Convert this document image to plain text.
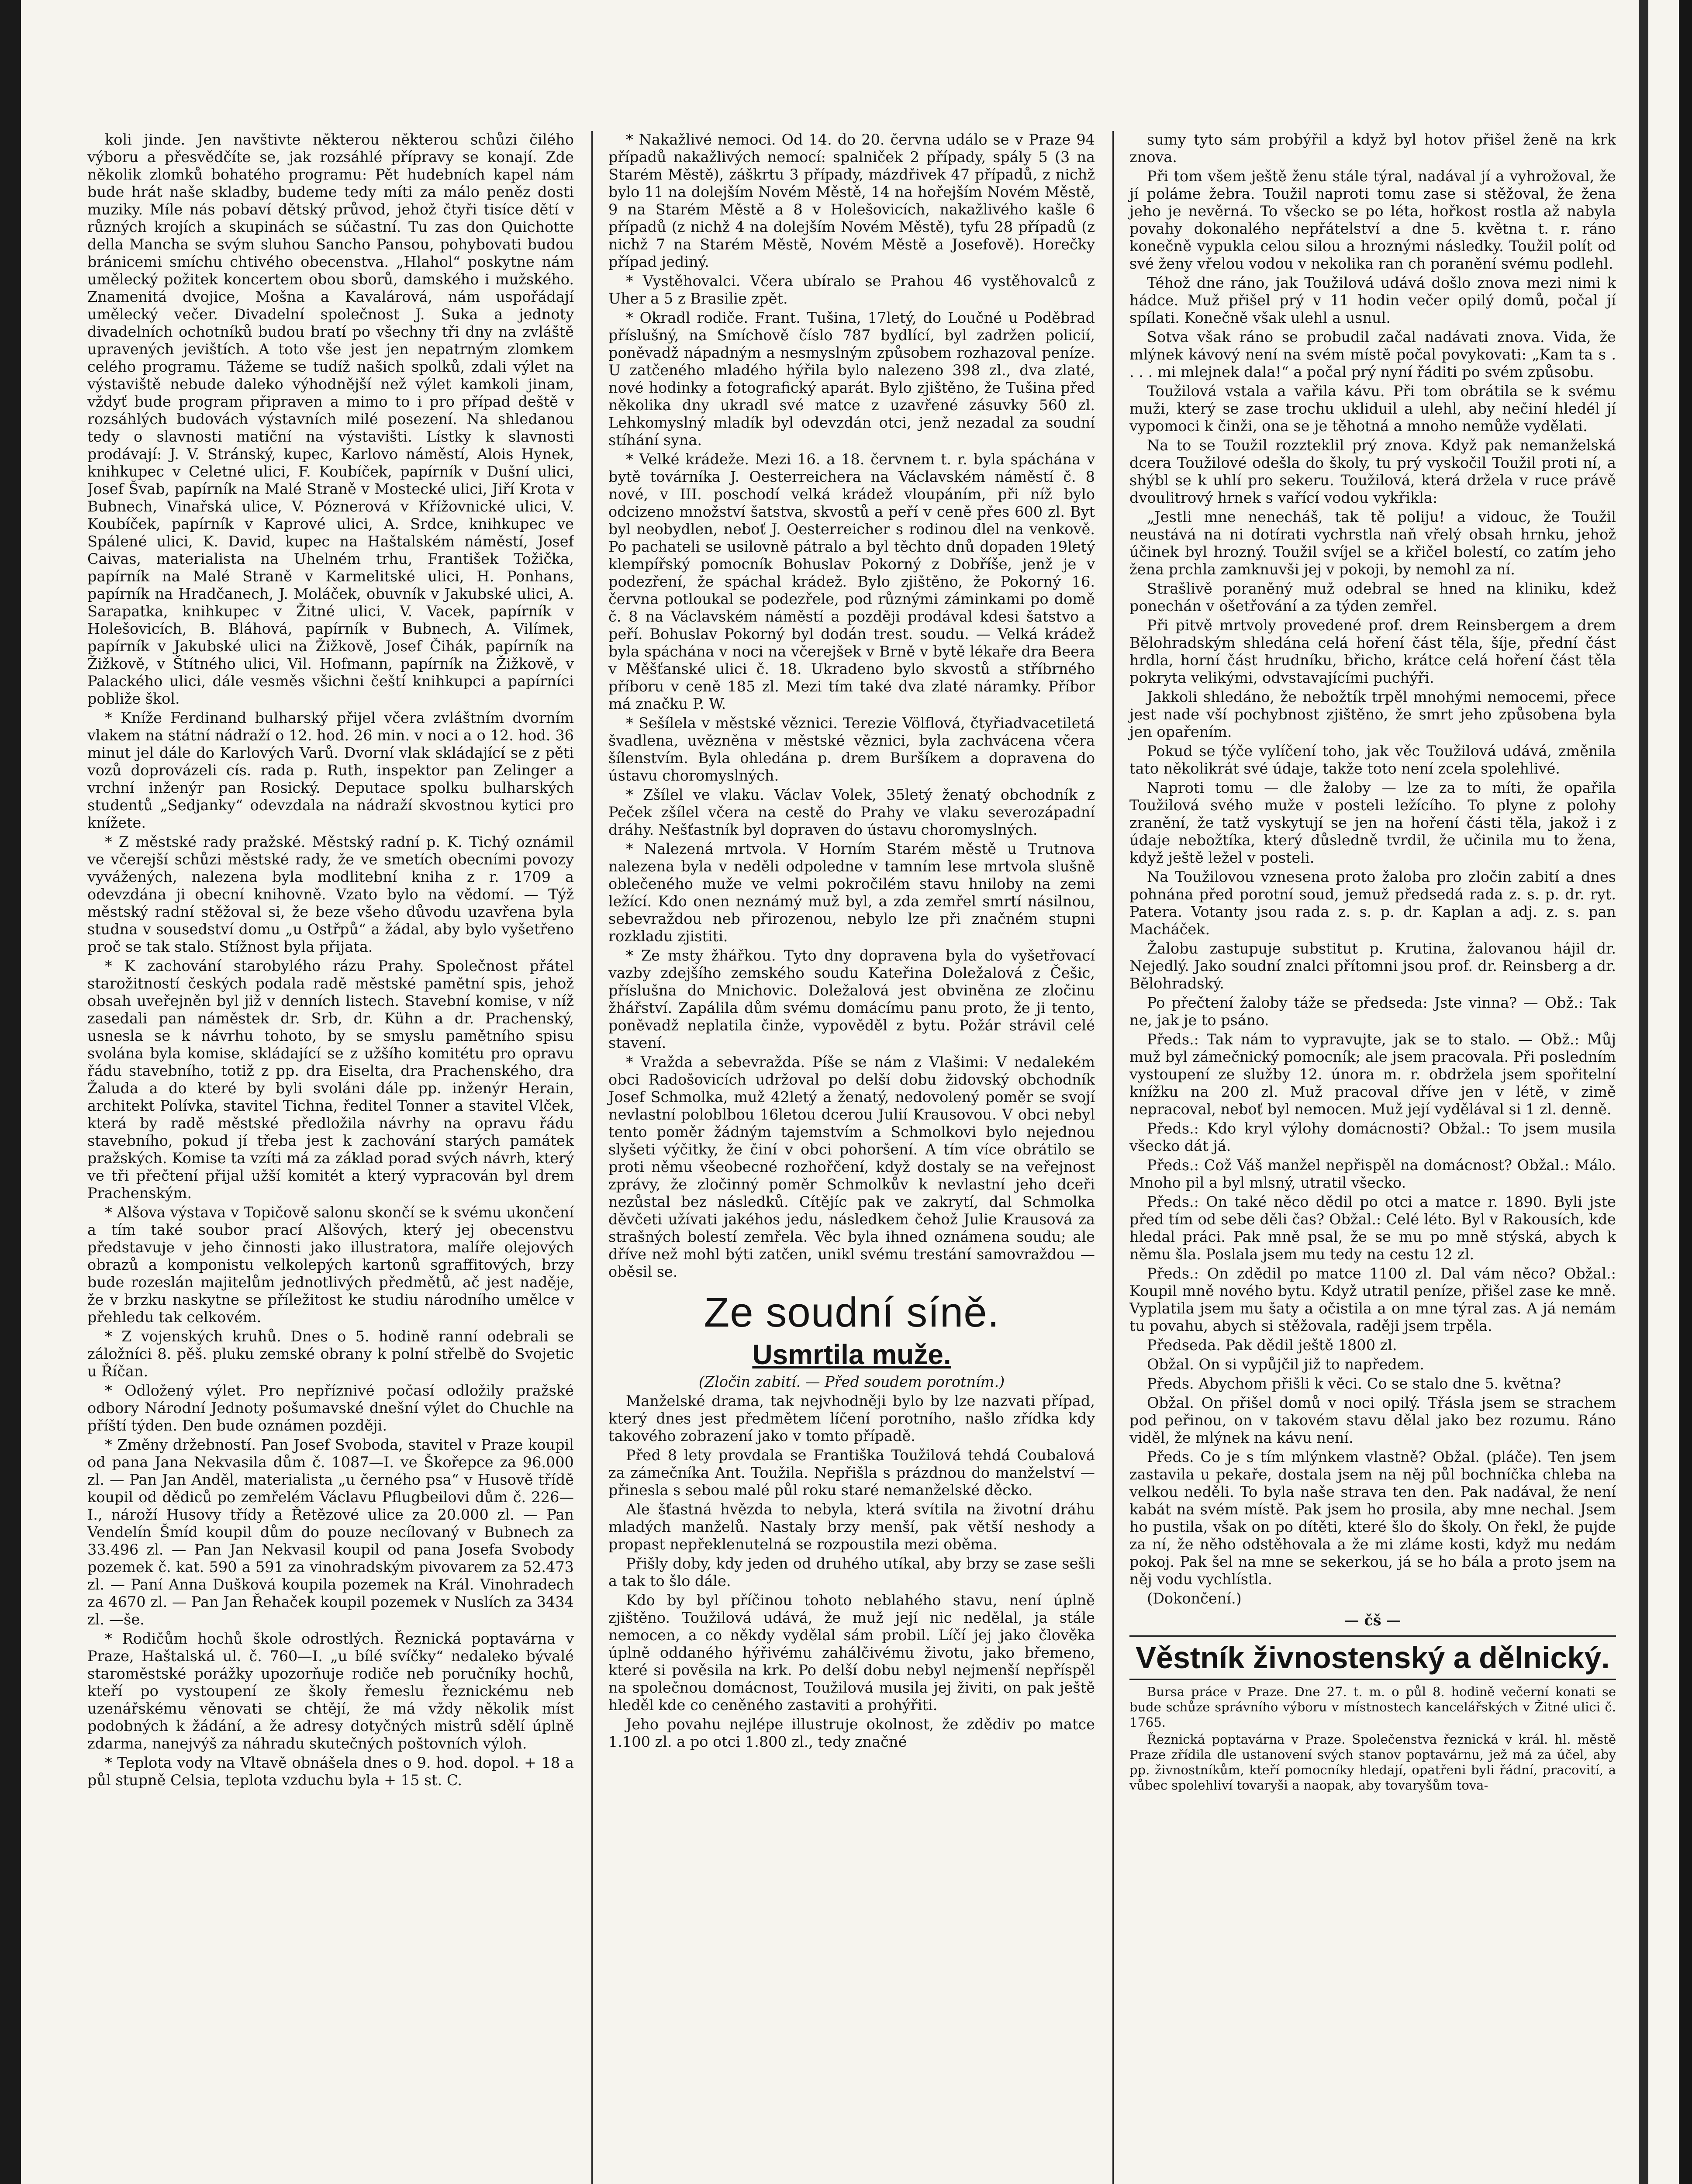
koli jinde. Jen navštivte některou některou schůzi čilého výboru a přesvědčíte se, jak rozsáhlé přípravy se konají. Zde několik zlomků bohatého programu: Pět hudebních kapel nám bude hrát naše skladby, budeme tedy míti za málo peněz dosti muziky. Míle nás pobaví dětský průvod, jehož čtyři tisíce dětí v různých krojích a skupinách se súčastní. Tu zas don Quichotte della Mancha se svým sluhou Sancho Pansou, pohybovati budou bránicemi smíchu chtivého obecenstva. „Hlahol“ poskytne nám umělecký požitek koncertem obou sborů, damského i mužského. Znamenitá dvojice, Mošna a Kavalárová, nám uspořádají umělecký večer. Divadelní společnost J. Suka a jednoty divadelních ochotníků budou bratí po všechny tři dny na zvláště upravených jevištích. A toto vše jest jen nepatrným zlomkem celého programu. Tážeme se tudíž našich spolků, zdali výlet na výstaviště nebude daleko výhodnější než výlet kamkoli jinam, vždyť bude program připraven a mimo to i pro případ deště v rozsáhlých budovách výstavních milé posezení. Na shledanou tedy o slavnosti matiční na výstavišti. Lístky k slavnosti prodávají: J. V. Stránský, kupec, Karlovo náměstí, Alois Hynek, knihkupec v Celetné ulici, F. Koubíček, papírník v Dušní ulici, Josef Švab, papírník na Malé Straně v Mostecké ulici, Jiří Krota v Bubnech, Vinařská ulice, V. Póznerová v Křížovnické ulici, V. Koubíček, papírník v Kaprové ulici, A. Srdce, knihkupec ve Spálené ulici, K. David, kupec na Haštalském náměstí, Josef Caivas, materialista na Uhelném trhu, František Tožička, papírník na Malé Straně v Karmelitské ulici, H. Ponhans, papírník na Hradčanech, J. Moláček, obuvník v Jakubské ulici, A. Sarapatka, knihkupec v Žitné ulici, V. Vacek, papírník v Holešovicích, B. Bláhová, papírník v Bubnech, A. Vilímek, papírník v Jakubské ulici na Žižkově, Josef Čihák, papírník na Žižkově, v Štítného ulici, Vil. Hofmann, papírník na Žižkově, v Palackého ulici, dále vesměs všichni čeští knihkupci a papírníci pobliže škol.

* Kníže Ferdinand bulharský přijel včera zvláštním dvorním vlakem na státní nádraží o 12. hod. 26 min. v noci a o 12. hod. 36 minut jel dále do Karlových Varů. Dvorní vlak skládající se z pěti vozů doprovázeli cís. rada p. Ruth, inspektor pan Zelinger a vrchní inženýr pan Rosický. Deputace spolku bulharských studentů „Sedjanky“ odevzdala na nádraží skvostnou kytici pro knížete.

* Z městské rady pražské. Městský radní p. K. Tichý oznámil ve včerejší schůzi městské rady, že ve smetích obecními povozy vyvážených, nalezena byla modlitební kniha z r. 1709 a odevzdána ji obecní knihovně. Vzato bylo na vědomí. — Týž městský radní stěžoval si, že beze všeho důvodu uzavřena byla studna v sousedství domu „u Ostřpů“ a žádal, aby bylo vyšetřeno proč se tak stalo. Stížnost byla přijata.

* K zachování starobylého rázu Prahy. Společnost přátel starožitností českých podala radě městské pamětní spis, jehož obsah uveřejněn byl již v denních listech. Stavební komise, v níž zasedali pan náměstek dr. Srb, dr. Kühn a dr. Prachenský, usnesla se k návrhu tohoto, by se smyslu pamětního spisu svolána byla komise, skládající se z užšího komitétu pro opravu řádu stavebního, totiž z pp. dra Eiselta, dra Prachenského, dra Žaluda a do které by byli svoláni dále pp. inženýr Herain, architekt Polívka, stavitel Tichna, ředitel Tonner a stavitel Vlček, která by radě městské předložila návrhy na opravu řádu stavebního, pokud jí třeba jest k zachování starých památek pražských. Komise ta vzíti má za základ porad svých návrh, který ve tři přečtení přijal užší komitét a který vypracován byl drem Prachenským.

* Alšova výstava v Topičově salonu skončí se k svému ukončení a tím také soubor prací Alšových, který jej obecenstvu představuje v jeho činnosti jako illustratora, malíře olejových obrazů a komponistu velkolepých kartonů sgraffitových, brzy bude rozeslán majitelům jednotlivých předmětů, ač jest naděje, že v brzku naskytne se příležitost ke studiu národního umělce v přehledu tak celkovém.

* Z vojenských kruhů. Dnes o 5. hodině ranní odebrali se záložníci 8. pěš. pluku zemské obrany k polní střelbě do Svojetic u Říčan.

* Odložený výlet. Pro nepříznivé počasí odložily pražské odbory Národní Jednoty pošumavské dnešní výlet do Chuchle na příští týden. Den bude oznámen později.

* Změny držebností. Pan Josef Svoboda, stavitel v Praze koupil od pana Jana Nekvasila dům č. 1087—I. ve Škořepce za 96.000 zl. — Pan Jan Anděl, materialista „u černého psa“ v Husově třídě koupil od dědiců po zemřelém Václavu Pflugbeilovi dům č. 226—I., nároží Husovy třídy a Řetězové ulice za 20.000 zl. — Pan Vendelín Šmíd koupil dům do pouze necílovaný v Bubnech za 33.496 zl. — Pan Jan Nekvasil koupil od pana Josefa Svobody pozemek č. kat. 590 a 591 za vinohradským pivovarem za 52.473 zl. — Paní Anna Dušková koupila pozemek na Král. Vinohradech za 4670 zl. — Pan Jan Řehaček koupil pozemek v Nuslích za 3434 zl. —še.

* Rodičům hochů škole odrostlých. Řeznická poptavárna v Praze, Haštalská ul. č. 760—I. „u bílé svíčky“ nedaleko bývalé staroměstské porážky upozorňuje rodiče neb poručníky hochů, kteří po vystoupení ze školy řemeslu řeznickému neb uzenářskému věnovati se chtějí, že má vždy několik míst podobných k žádání, a že adresy dotyčných mistrů sdělí úplně zdarma, nanejvýš za náhradu skutečných poštovních výloh.

* Teplota vody na Vltavě obnášela dnes o 9. hod. dopol. + 18 a půl stupně Celsia, teplota vzduchu byla + 15 st. C.

* Nakažlivé nemoci. Od 14. do 20. června událo se v Praze 94 případů nakažlivých nemocí: spalniček 2 případy, spály 5 (3 na Starém Městě), záškrtu 3 případy, mázdřivek 47 případů, z nichž bylo 11 na dolejším Novém Městě, 14 na hořejším Novém Městě, 9 na Starém Městě a 8 v Holešovicích, nakažlivého kašle 6 případů (z nichž 4 na dolejším Novém Městě), tyfu 28 případů (z nichž 7 na Starém Městě, Novém Městě a Josefově). Horečky případ jediný.

* Vystěhovalci. Včera ubíralo se Prahou 46 vystěhovalců z Uher a 5 z Brasilie zpět.

* Okradl rodiče. Frant. Tušina, 17letý, do Loučné u Poděbrad příslušný, na Smíchově číslo 787 bydlící, byl zadržen policií, poněvadž nápadným a nesmyslným způsobem rozhazoval peníze. U zatčeného mladého hýřila bylo nalezeno 398 zl., dva zlaté, nové hodinky a fotografický aparát. Bylo zjištěno, že Tušina před několika dny ukradl své matce z uzavřené zásuvky 560 zl. Lehkomyslný mladík byl odevzdán otci, jenž nezadal za soudní stíhání syna.

* Velké krádeže. Mezi 16. a 18. červnem t. r. byla spáchána v bytě továrníka J. Oesterreichera na Václavském náměstí č. 8 nové, v III. poschodí velká krádež vloupáním, při níž bylo odcizeno množství šatstva, skvostů a peří v ceně přes 600 zl. Byt byl neobydlen, neboť J. Oesterreicher s rodinou dlel na venkově. Po pachateli se usilovně pátralo a byl těchto dnů dopaden 19letý klempířský pomocník Bohuslav Pokorný z Dobříše, jenž je v podezření, že spáchal krádež. Bylo zjištěno, že Pokorný 16. června potloukal se podezřele, pod různými záminkami po domě č. 8 na Václavském náměstí a později prodával kdesi šatstvo a peří. Bohuslav Pokorný byl dodán trest. soudu. — Velká krádež byla spáchána v noci na včerejšek v Brně v bytě lékaře dra Beera v Měšťanské ulici č. 18. Ukradeno bylo skvostů a stříbrného příboru v ceně 185 zl. Mezi tím také dva zlaté náramky. Příbor má značku P. W.

* Sešílela v městské věznici. Terezie Völflová, čtyřiadvacetiletá švadlena, uvězněna v městské věznici, byla zachvácena včera šílenstvím. Byla ohledána p. drem Buršíkem a dopravena do ústavu choromyslných.

* Zšílel ve vlaku. Václav Volek, 35letý ženatý obchodník z Peček zšílel včera na cestě do Prahy ve vlaku severozápadní dráhy. Nešťastník byl dopraven do ústavu choromyslných.

* Nalezená mrtvola. V Horním Starém městě u Trutnova nalezena byla v neděli odpoledne v tamním lese mrtvola slušně oblečeného muže ve velmi pokročilém stavu hniloby na zemi ležící. Kdo onen neznámý muž byl, a zda zemřel smrtí násilnou, sebevraždou neb přirozenou, nebylo lze při značném stupni rozkladu zjistiti.

* Ze msty žhářkou. Tyto dny dopravena byla do vyšetřovací vazby zdejšího zemského soudu Kateřina Doležalová z Češic, příslušna do Mnichovic. Doležalová jest obviněna ze zločinu žhářství. Zapálila dům svému domácímu panu proto, že ji tento, poněvadž neplatila činže, vypověděl z bytu. Požár strávil celé stavení.

* Vražda a sebevražda. Píše se nám z Vlašimi: V nedalekém obci Radošovicích udržoval po delší dobu židovský obchodník Josef Schmolka, muž 42letý a ženatý, nedovolený poměr se svojí nevlastní poloblbou 16letou dcerou Julií Krausovou. V obci nebyl tento poměr žádným tajemstvím a Schmolkovi bylo nejednou slyšeti výčitky, že činí v obci pohoršení. A tím více obrátilo se proti němu všeobecné rozhořčení, když dostaly se na veřejnost zprávy, že zločinný poměr Schmolkův k nevlastní jeho dceři nezůstal bez následků. Cítějíc pak ve zakrytí, dal Schmolka děvčeti užívati jakéhos jedu, následkem čehož Julie Krausová za strašných bolestí zemřela. Věc byla ihned oznámena soudu; ale dříve než mohl býti zatčen, unikl svému trestání samovraždou — oběsil se.

Ze soudní síně.
Usmrtila muže.

(Zločin zabití. — Před soudem porotním.)

Manželské drama, tak nejvhodněji bylo by lze nazvati případ, který dnes jest předmětem líčení porotního, našlo zřídka kdy takového zobrazení jako v tomto případě.

Před 8 lety provdala se Františka Toužilová tehdá Coubalová za zámečníka Ant. Toužila. Nepřišla s prázdnou do manželství — přinesla s sebou malé půl roku staré nemanželské děcko.

Ale šťastná hvězda to nebyla, která svítila na životní dráhu mladých manželů. Nastaly brzy menší, pak větší neshody a propast nepřeklenutelná se rozpoustila mezi oběma.

Přišly doby, kdy jeden od druhého utíkal, aby brzy se zase sešli a tak to šlo dále.

Kdo by byl příčinou tohoto neblahého stavu, není úplně zjištěno. Toužilová udává, že muž její nic nedělal, ja stále nemocen, a co někdy vydělal sám probil. Líčí jej jako člověka úplně oddaného hýřivému zahálčivému životu, jako břemeno, které si pověsila na krk. Po delší dobu nebyl nejmenší nepříspěl na společnou domácnost, Toužilová musila jej živiti, on pak ještě hleděl kde co ceněného zastaviti a prohýřiti.

Jeho povahu nejlépe illustruje okolnost, že zdědiv po matce 1.100 zl. a po otci 1.800 zl., tedy značné

sumy tyto sám probýřil a když byl hotov přišel ženě na krk znova.

Při tom všem ještě ženu stále týral, nadával jí a vyhrožoval, že jí poláme žebra. Toužil naproti tomu zase si stěžoval, že žena jeho je nevěrná. To všecko se po léta, hořkost rostla až nabyla povahy dokonalého nepřátelství a dne 5. května t. r. ráno konečně vypukla celou silou a hroznými následky. Toužil polít od své ženy vřelou vodou v nekolika ran ch poranění svému podlehl.

Téhož dne ráno, jak Toužilová udává došlo znova mezi nimi k hádce. Muž přišel prý v 11 hodin večer opilý domů, počal jí spílati. Konečně však ulehl a usnul.

Sotva však ráno se probudil začal nadávati znova. Vida, že mlýnek kávový není na svém místě počal povykovati: „Kam ta s . . . . mi mlejnek dala!“ a počal prý nyní řáditi po svém způsobu.

Toužilová vstala a vařila kávu. Při tom obrátila se k svému muži, který se zase trochu ukliduil a ulehl, aby nečiní hledél jí vypomoci k činži, ona se je těhotná a mnoho nemůže vydělati.

Na to se Toužil rozzteklil prý znova. Když pak nemanželská dcera Toužilové odešla do školy, tu prý vyskočil Toužil proti ní, a shýbl se k uhlí pro sekeru. Toužilová, která držela v ruce právě dvoulitrový hrnek s vařící vodou vykřikla:

„Jestli mne nenecháš, tak tě poliju! a vidouc, že Toužil neustává na ni dotírati vychrstla naň vřelý obsah hrnku, jehož účinek byl hrozný. Toužil svíjel se a křičel bolestí, co zatím jeho žena prchla zamknuvši jej v pokoji, by nemohl za ní.

Strašlivě poraněný muž odebral se hned na kliniku, kdež ponechán v ošetřování a za týden zemřel.

Při pitvě mrtvoly provedené prof. drem Reinsbergem a drem Bělohradským shledána celá hoření část těla, šíje, přední část hrdla, horní část hrudníku, břicho, krátce celá hoření část těla pokryta velikými, odvstavajícími puchýři.

Jakkoli shledáno, že nebožtík trpěl mnohými nemocemi, přece jest nade vší pochybnost zjištěno, že smrt jeho způsobena byla jen opařením.

Pokud se týče vylíčení toho, jak věc Toužilová udává, změnila tato několikrát své údaje, takže toto není zcela spolehlivé.

Naproti tomu — dle žaloby — lze za to míti, že opařila Toužilová svého muže v posteli ležícího. To plyne z polohy zranění, že tatž vyskytují se jen na hoření části těla, jakož i z údaje nebožtíka, který důsledně tvrdil, že učinila mu to žena, když ještě ležel v posteli.

Na Toužilovou vznesena proto žaloba pro zločin zabití a dnes pohnána před porotní soud, jemuž předsedá rada z. s. p. dr. ryt. Patera. Votanty jsou rada z. s. p. dr. Kaplan a adj. z. s. pan Macháček.

Žalobu zastupuje substitut p. Krutina, žalovanou hájil dr. Nejedlý. Jako soudní znalci přítomni jsou prof. dr. Reinsberg a dr. Bělohradský.

Po přečtení žaloby táže se předseda: Jste vinna? — Obž.: Tak ne, jak je to psáno.

Předs.: Tak nám to vypravujte, jak se to stalo. — Obž.: Můj muž byl zámečnický pomocník; ale jsem pracovala. Při posledním vystoupení ze služby 12. února m. r. obdržela jsem spořitelní knížku na 200 zl. Muž pracoval dříve jen v létě, v zimě nepracoval, neboť byl nemocen. Muž její vydělával si 1 zl. denně.

Předs.: Kdo kryl výlohy domácnosti? Obžal.: To jsem musila všecko dát já.

Předs.: Což Váš manžel nepřispěl na domácnost? Obžal.: Málo. Mnoho pil a byl mlsný, utratil všecko.

Předs.: On také něco dědil po otci a matce r. 1890. Byli jste před tím od sebe děli čas? Obžal.: Celé léto. Byl v Rakousích, kde hledal práci. Pak mně psal, že se mu po mně stýská, abych k němu šla. Poslala jsem mu tedy na cestu 12 zl.

Předs.: On zdědil po matce 1100 zl. Dal vám něco? Obžal.: Koupil mně nového bytu. Když utratil peníze, přišel zase ke mně. Vyplatila jsem mu šaty a očistila a on mne týral zas. A já nemám tu povahu, abych si stěžovala, raději jsem trpěla.

Předseda. Pak dědil ještě 1800 zl.

Obžal. On si vypůjčil již to napředem.

Předs. Abychom přišli k věci. Co se stalo dne 5. května?

Obžal. On přišel domů v noci opilý. Třásla jsem se strachem pod peřinou, on v takovém stavu dělal jako bez rozumu. Ráno viděl, že mlýnek na kávu není.

Předs. Co je s tím mlýnkem vlastně? Obžal. (pláče). Ten jsem zastavila u pekaře, dostala jsem na něj půl bochníčka chleba na velkou neděli. To byla naše strava ten den. Pak nadával, že není kabát na svém místě. Pak jsem ho prosila, aby mne nechal. Jsem ho pustila, však on po dítěti, které šlo do školy. On řekl, že pujde za ní, že něho odstěhovala a že mi zláme kosti, když mu nedám pokoj. Pak šel na mne se sekerkou, já se ho bála a proto jsem na něj vodu vychlístla.

(Dokončení.)

— čš —
Věstník živnostenský a dělnický.

Bursa práce v Praze. Dne 27. t. m. o půl 8. hodině večerní konati se bude schůze správního výboru v místnostech kancelářských v Žitné ulici č. 1765.

Řeznická poptavárna v Praze. Společenstva řeznická v král. hl. městě Praze zřídila dle ustanovení svých stanov poptavárnu, jež má za účel, aby pp. živnostníkům, kteří pomocníky hledají, opatřeni byli řádní, pracovití, a vůbec spolehliví tovaryši a naopak, aby tovaryšům tova-
